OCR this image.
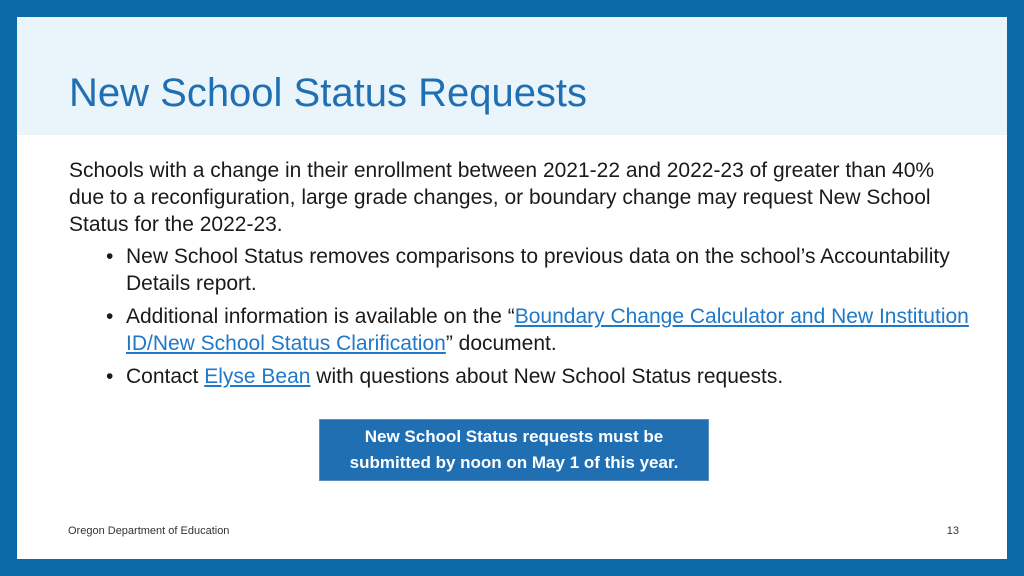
New School Status Requests

Schools with a change in their enrollment between 2021-22 and 2022-23 of greater than 40% due to a reconfiguration, large grade changes, or boundary change may request New School Status for the 2022-23.

• New School Status removes comparisons to previous data on the school’s Accountability Details report.
• Additional information is available on the “Boundary Change Calculator and New Institution ID/New School Status Clarification” document.
• Contact Elyse Bean with questions about New School Status requests.
New School Status requests must be
submitted by noon on May 1 of this year.
Oregon Department of Education	13
